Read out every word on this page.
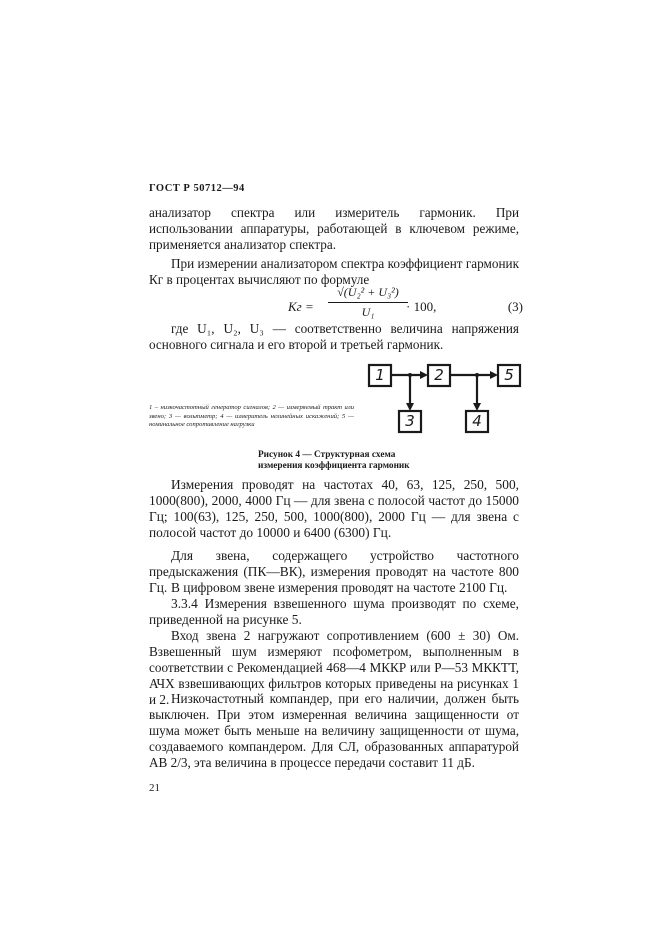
ГОСТ Р 50712—94
анализатор спектра или измеритель гармоник. При использовании аппаратуры, работающей в ключевом режиме, применяется анализатор спектра.
При измерении анализатором спектра коэффициент гармоник Кг в процентах вычисляют по формуле
Кг = $\frac{\text{√(U₂² + U₃²)}}{\text{U₁}}$
· 100,	(3)
где U₁, U₂, U₃ — соответственно величина напряжения основного сигнала и его второй и третьей гармоник.
1 – низкочастотный генератор сигналов; 2 — измеряемый тракт или звено; 3 — вольтметр; 4 — измеритель нелинейных искажений; 5 — номинальное сопротивление нагрузки
1	2	5
3	4
Рисунок 4 — Структурная схема измерения коэффициента гармоник
Измерения проводят на частотах 40, 63, 125, 250, 500, 1000(800), 2000, 4000 Гц — для звена с полосой частот до 15000 Гц; 100(63), 125, 250, 500, 1000(800), 2000 Гц — для звена с полосой частот до 10000 и 6400 (6300) Гц.
Для звена, содержащего устройство частотного предыскажения (ПК—ВК), измерения проводят на частоте 800 Гц. В цифровом звене измерения проводят на частоте 2100 Гц.
3.3.4 Измерения взвешенного шума производят по схеме, приведенной на рисунке 5.
Вход звена 2 нагружают сопротивлением (600 ± 30) Ом. Взвешенный шум измеряют псофометром, выполненным в соответствии с Рекомендацией 468—4 МККР или Р—53 МККТТ, АЧХ взвешивающих фильтров которых приведены на рисунках 1 и 2. Низкочастотный компандер, при его наличии, должен быть выключен. При этом измеренная величина защищенности от шума может быть меньше на величину защищенности от шума, создаваемого компандером. Для СЛ, образованных аппаратурой АВ 2/3, эта величина в процессе передачи составит 11 дБ.
21
